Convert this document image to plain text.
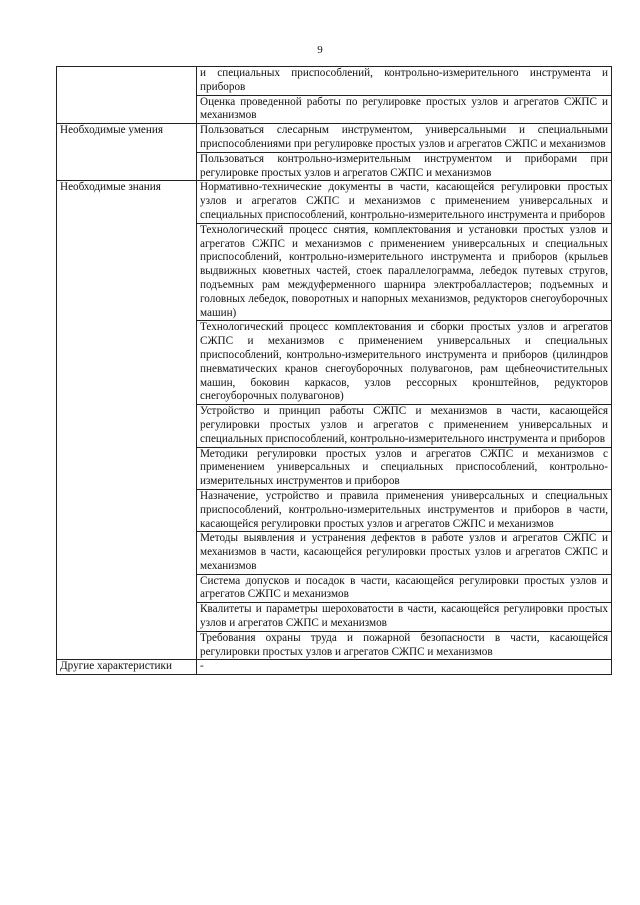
9
	и специальных приспособлений, контрольно-измерительного инструмента и приборов
	Оценка проведенной работы по регулировке простых узлов и агрегатов СЖПС и механизмов
Необходимые умения	Пользоваться слесарным инструментом, универсальными и специальными приспособлениями при регулировке простых узлов и агрегатов СЖПС и механизмов
	Пользоваться контрольно-измерительным инструментом и приборами при регулировке простых узлов и агрегатов СЖПС и механизмов
Необходимые знания	Нормативно-технические документы в части, касающейся регулировки простых узлов и агрегатов СЖПС и механизмов с применением универсальных и специальных приспособлений, контрольно-измерительного инструмента и приборов
	Технологический процесс снятия, комплектования и установки простых узлов и агрегатов СЖПС и механизмов с применением универсальных и специальных приспособлений, контрольно-измерительного инструмента и приборов (крыльев выдвижных кюветных частей, стоек параллелограмма, лебедок путевых стругов, подъемных рам междуферменного шарнира электробалластеров; подъемных и головных лебедок, поворотных и напорных механизмов, редукторов снегоуборочных машин)
	Технологический процесс комплектования и сборки простых узлов и агрегатов СЖПС и механизмов с применением универсальных и специальных приспособлений, контрольно-измерительного инструмента и приборов (цилиндров пневматических кранов снегоуборочных полувагонов, рам щебнеочистительных машин, боковин каркасов, узлов рессорных кронштейнов, редукторов снегоуборочных полувагонов)
	Устройство и принцип работы СЖПС и механизмов в части, касающейся регулировки простых узлов и агрегатов с применением универсальных и специальных приспособлений, контрольно-измерительного инструмента и приборов
	Методики регулировки простых узлов и агрегатов СЖПС и механизмов с применением универсальных и специальных приспособлений, контрольно-измерительных инструментов и приборов
	Назначение, устройство и правила применения универсальных и специальных приспособлений, контрольно-измерительных инструментов и приборов в части, касающейся регулировки простых узлов и агрегатов СЖПС и механизмов
	Методы выявления и устранения дефектов в работе узлов и агрегатов СЖПС и механизмов в части, касающейся регулировки простых узлов и агрегатов СЖПС и механизмов
	Система допусков и посадок в части, касающейся регулировки простых узлов и агрегатов СЖПС и механизмов
	Квалитеты и параметры шероховатости в части, касающейся регулировки простых узлов и агрегатов СЖПС и механизмов
	Требования охраны труда и пожарной безопасности в части, касающейся регулировки простых узлов и агрегатов СЖПС и механизмов
Другие характеристики	-
